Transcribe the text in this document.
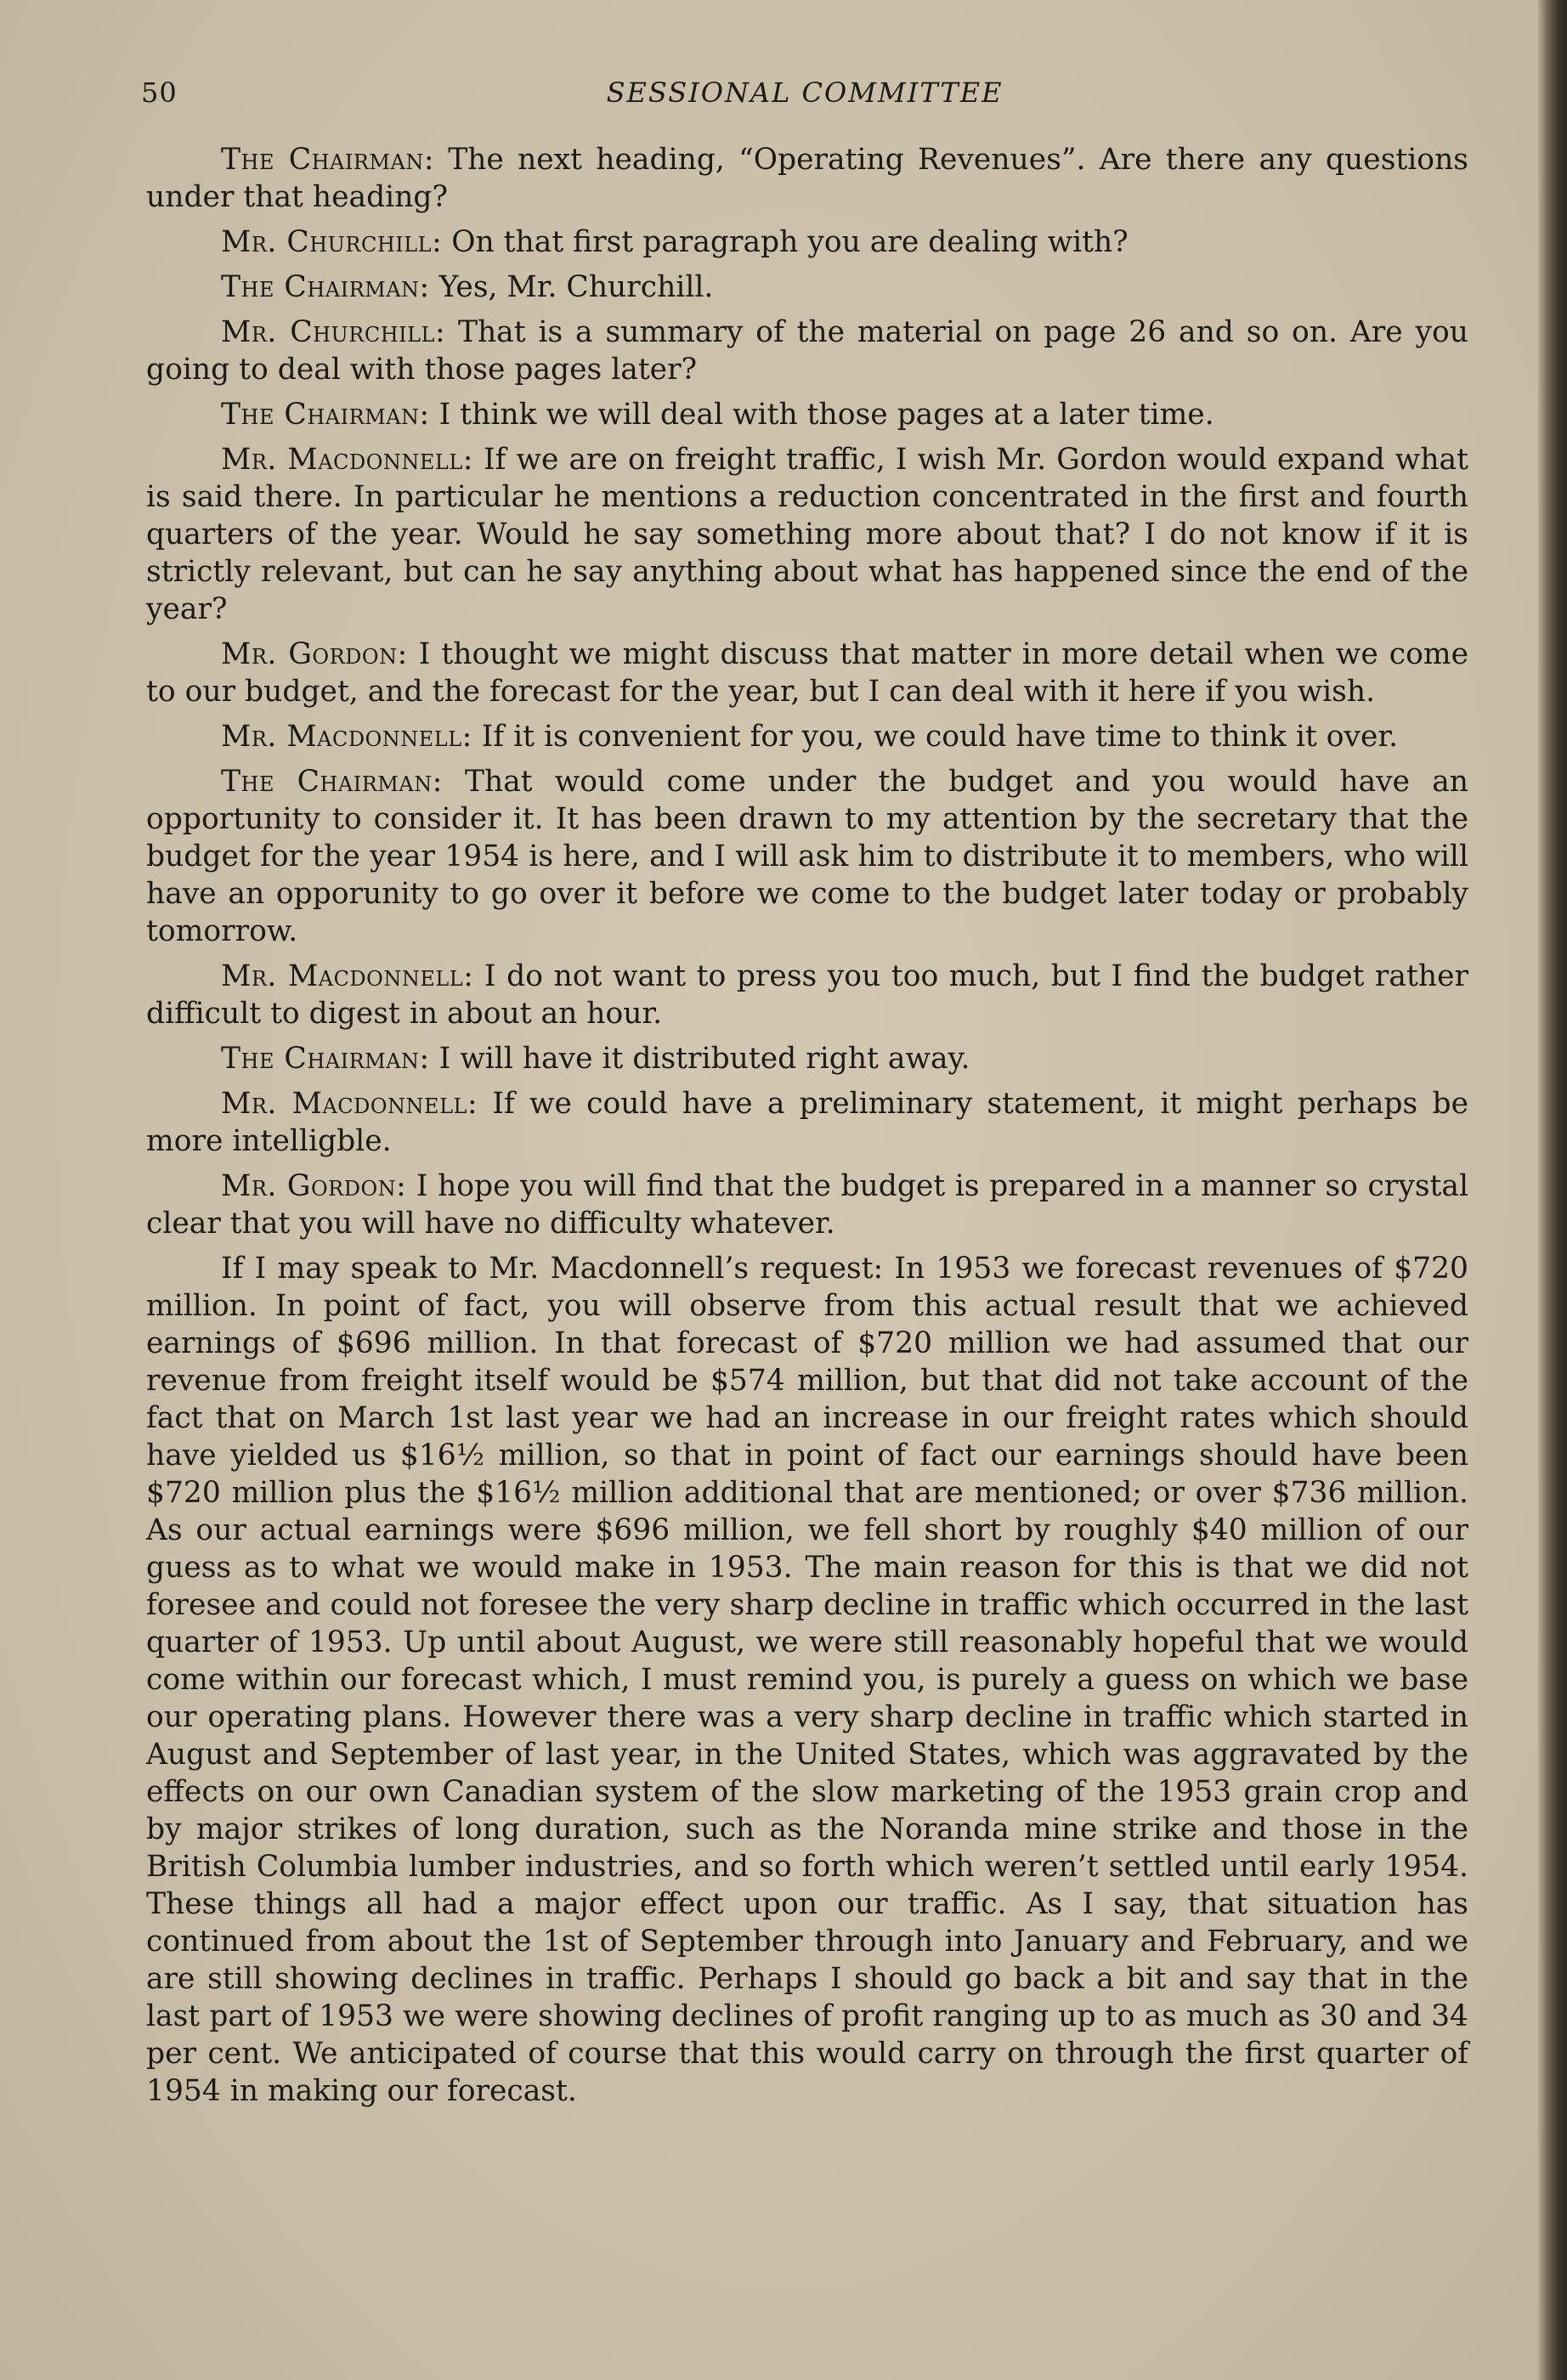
50	SESSIONAL COMMITTEE

The Chairman: The next heading, “Operating Revenues”. Are there any questions under that heading?

Mr. Churchill: On that first paragraph you are dealing with?

The Chairman: Yes, Mr. Churchill.

Mr. Churchill: That is a summary of the material on page 26 and so on. Are you going to deal with those pages later?

The Chairman: I think we will deal with those pages at a later time.

Mr. Macdonnell: If we are on freight traffic, I wish Mr. Gordon would expand what is said there. In particular he mentions a reduction concentrated in the first and fourth quarters of the year. Would he say something more about that? I do not know if it is strictly relevant, but can he say anything about what has happened since the end of the year?

Mr. Gordon: I thought we might discuss that matter in more detail when we come to our budget, and the forecast for the year, but I can deal with it here if you wish.

Mr. Macdonnell: If it is convenient for you, we could have time to think it over.

The Chairman: That would come under the budget and you would have an opportunity to consider it. It has been drawn to my attention by the secretary that the budget for the year 1954 is here, and I will ask him to distribute it to members, who will have an opporunity to go over it before we come to the budget later today or probably tomorrow.

Mr. Macdonnell: I do not want to press you too much, but I find the budget rather difficult to digest in about an hour.

The Chairman: I will have it distributed right away.

Mr. Macdonnell: If we could have a preliminary statement, it might perhaps be more intelligble.

Mr. Gordon: I hope you will find that the budget is prepared in a manner so crystal clear that you will have no difficulty whatever.

If I may speak to Mr. Macdonnell’s request: In 1953 we forecast revenues of $720 million. In point of fact, you will observe from this actual result that we achieved earnings of $696 million. In that forecast of $720 million we had assumed that our revenue from freight itself would be $574 million, but that did not take account of the fact that on March 1st last year we had an increase in our freight rates which should have yielded us $16½ million, so that in point of fact our earnings should have been $720 million plus the $16½ million additional that are mentioned; or over $736 million. As our actual earnings were $696 million, we fell short by roughly $40 million of our guess as to what we would make in 1953. The main reason for this is that we did not foresee and could not foresee the very sharp decline in traffic which occurred in the last quarter of 1953. Up until about August, we were still reasonably hopeful that we would come within our forecast which, I must remind you, is purely a guess on which we base our operating plans. However there was a very sharp decline in traffic which started in August and September of last year, in the United States, which was aggravated by the effects on our own Canadian system of the slow marketing of the 1953 grain crop and by major strikes of long duration, such as the Noranda mine strike and those in the British Columbia lumber industries, and so forth which weren’t settled until early 1954. These things all had a major effect upon our traffic. As I say, that situation has continued from about the 1st of September through into January and February, and we are still showing declines in traffic. Perhaps I should go back a bit and say that in the last part of 1953 we were showing declines of profit ranging up to as much as 30 and 34 per cent. We anticipated of course that this would carry on through the first quarter of 1954 in making our forecast.
